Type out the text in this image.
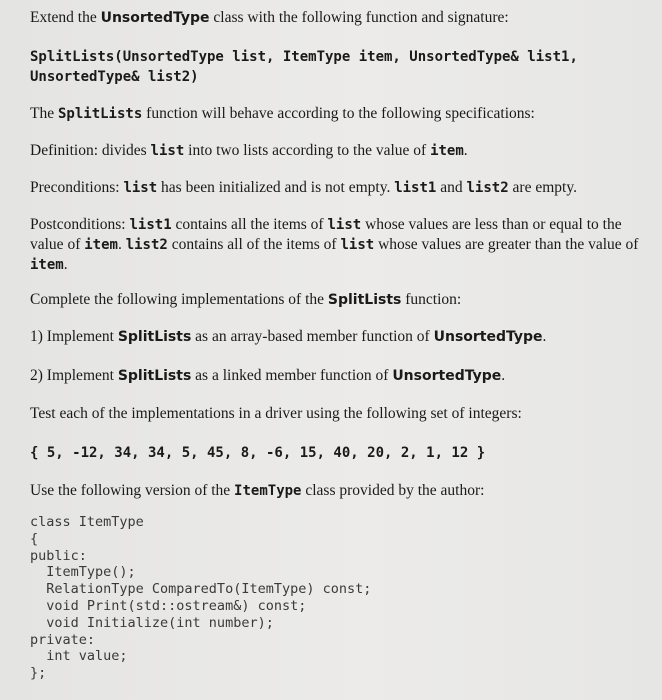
Extend the UnsortedType class with the following function and signature:
SplitLists(UnsortedType list, ItemType item, UnsortedType& list1,
UnsortedType& list2)
The SplitLists function will behave according to the following specifications:
Definition: divides list into two lists according to the value of item.
Preconditions: list has been initialized and is not empty. list1 and list2 are empty.
Postconditions: list1 contains all the items of list whose values are less than or equal to the value of item. list2 contains all of the items of list whose values are greater than the value of item.
Complete the following implementations of the SplitLists function:
1) Implement SplitLists as an array-based member function of UnsortedType.
2) Implement SplitLists as a linked member function of UnsortedType.
Test each of the implementations in a driver using the following set of integers:
{ 5, -12, 34, 34, 5, 45, 8, -6, 15, 40, 20, 2, 1, 12 }
Use the following version of the ItemType class provided by the author:
class ItemType
{
public:
ItemType();
RelationType ComparedTo(ItemType) const;
void Print(std::ostream&) const;
void Initialize(int number);
private:
int value;
};
